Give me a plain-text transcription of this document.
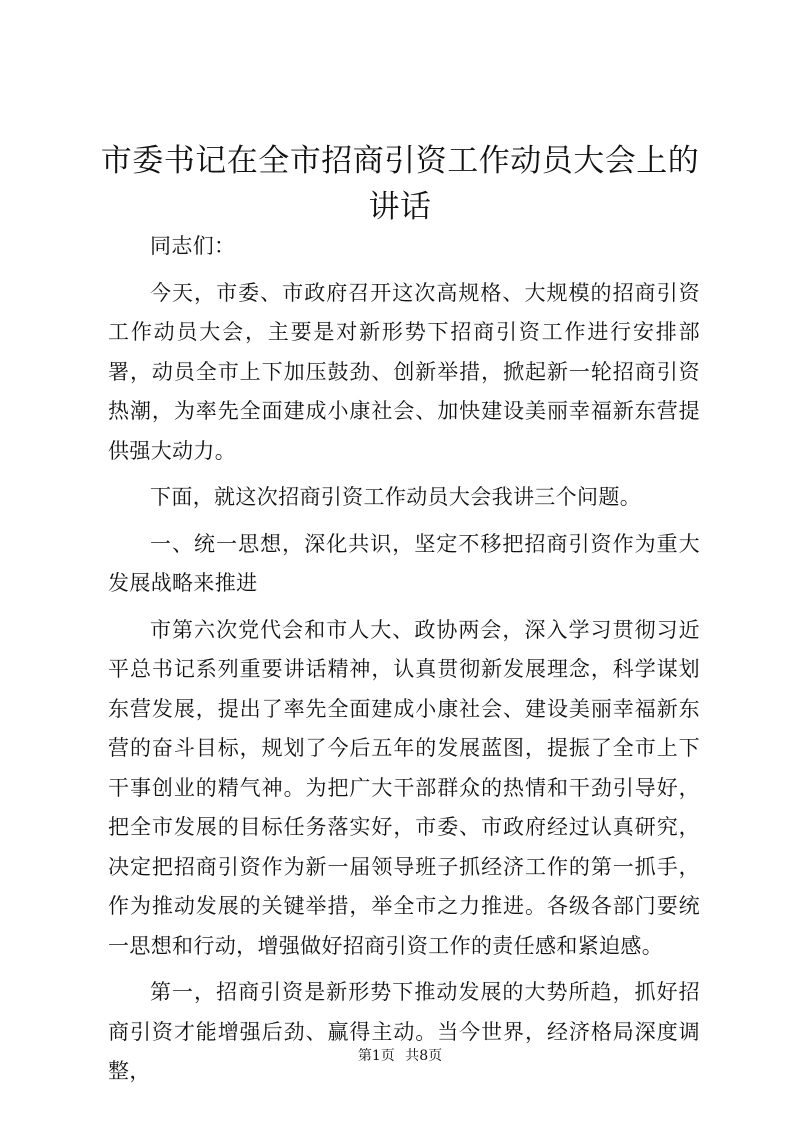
市委书记在全市招商引资工作动员大会上的讲话

同志们：

今天，市委、市政府召开这次高规格、大规模的招商引资工作动员大会，主要是对新形势下招商引资工作进行安排部署，动员全市上下加压鼓劲、创新举措，掀起新一轮招商引资热潮，为率先全面建成小康社会、加快建设美丽幸福新东营提供强大动力。

下面，就这次招商引资工作动员大会我讲三个问题。

一、统一思想，深化共识，坚定不移把招商引资作为重大发展战略来推进

市第六次党代会和市人大、政协两会，深入学习贯彻习近平总书记系列重要讲话精神，认真贯彻新发展理念，科学谋划东营发展，提出了率先全面建成小康社会、建设美丽幸福新东营的奋斗目标，规划了今后五年的发展蓝图，提振了全市上下干事创业的精气神。为把广大干部群众的热情和干劲引导好，把全市发展的目标任务落实好，市委、市政府经过认真研究，决定把招商引资作为新一届领导班子抓经济工作的第一抓手，作为推动发展的关键举措，举全市之力推进。各级各部门要统一思想和行动，增强做好招商引资工作的责任感和紧迫感。

第一，招商引资是新形势下推动发展的大势所趋，抓好招商引资才能增强后劲、赢得主动。当今世界，经济格局深度调整，

第1页 共8页
